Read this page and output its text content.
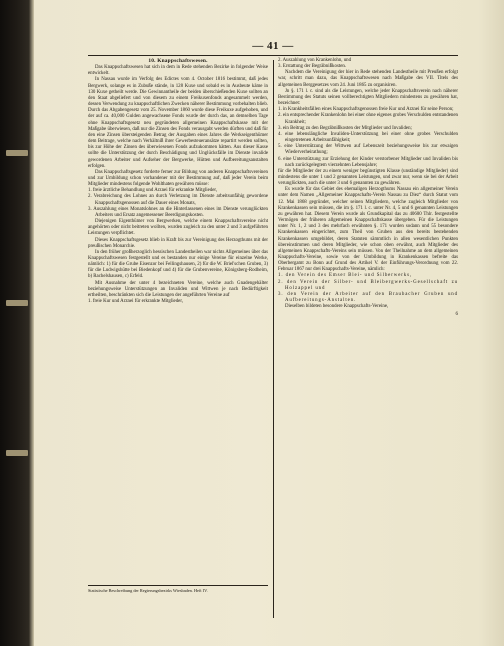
— 41 —
10. Knappschaftswesen.

Das Knappschaftswesen hat sich in dem in Rede stehenden Bezirke in folgender Weise entwickelt.

In Nassau wurde im Verfolg des Edictes vom 4. October 1816 bestimmt, daß jedes Bergwerk, solange es in Zubuße stände, in 128 Kuxe und sobald es in Ausbeute käme in 130 Kuxe getheilt werde. Die Gewinnantheile der beiden überschießenden Kuxe sollten an den Staat abgeliefert und von diesem zu einem Freikuxenfonds angesammelt werden, dessen Verwendung zu knappschaftlichen Zwecken näherer Bestimmung vorbehalten blieb. Durch das Abgabengesetz vom 25. November 1860 wurde diese Freikuxe aufgehoben, und der auf ca. 40,000 Gulden angewachsene Fonds wurde der durch das, an demselben Tage ohne Knappschaftsgesetz neu gegründeten allgemeinen Knappschaftskasse mit der Maßgabe überwiesen, daß nur die Zinsen des Fonds verausgabt werden dürften und daß für den eine Zinsen übersteigenden Betrag der Ausgaben eines Jahres die Werkseigenthümer dem Beitrage, welche nach Verhältniß ihrer Gewerbesteueransätze repartirt werden sollten, bis zur Höhe der Zinsen des überwiesenen Fonds aufzukommen hätten. Aus dieser Kasse sollte die Unterstützung der durch Beschädigung und Unglücksfälle im Dienste invalide gewordenen Arbeiter und Aufseher der Bergwerke, Hütten und Aufbereitungsanstalten erfolgen.

Das Knappschaftsgesetz forderte ferner zur Bildung von anderen Knappschaftsvereinen und zur Umbildung schon vorhandener mit der Bestimmung auf, daß jeder Verein beim Mitglieder mindestens folgende Wohlthaten gewähren müsse:

1. freie ärztliche Behandlung und Arznei für erkrankte Mitglieder,
2. Verabreichung des Lohnes an durch Verletzung im Dienste arbeitsunfähig gewordene Knappschaftsgenossen auf die Dauer eines Monats,
3. Auszahlung eines Monatslohnes an die Hinterlassenen eines im Dienste verunglückten Arbeiters und Ersatz angemessener Beerdigungskosten.

Diejenigen Eigenthümer von Bergwerken, welche einem Knappschaftsvereine nicht angehörten oder nicht beitreten wollten, wurden zugleich zu den unter 2 und 3 aufgeführten Leistungen verpflichtet.

Dieses Knappschaftsgesetz blieb in Kraft bis zur Vereinigung des Herzogthums mit der preußischen Monarchie.

In den früher großherzoglich hessischen Landestheilen war nichts Allgemeines über das Knappschaftswesen festgestellt und es bestanden nur einige Vereine für einzelne Werke, nämlich: 1) für die Grube Eisenzor bei Fellingshausen, 2) für die W. Briel'schen Gruben, 3) für die Ludwigshütte bei Biedenkopf und 4) für die Grubenvereine, Königsberg-Rodheim, b) Rachelshausen, c) Erfeld.

Mit Ausnahme der unter 4 bezeichneten Vereine, welche auch Gnadengehälter beziehungsweise Unterstützungen an Invaliden und Wittwen je nach Bedürftigkeit ertheilten, beschränkten sich die Leistungen der angeführten Vereine auf

1. freie Kur und Arznei für erkrankte Mitglieder,
Statistische Beschreibung der Regierungsbezirks Wiesbaden. Heft IV.
2. Auszahlung von Krankenlohn, und
3. Erstattung der Begräbnißkosten.

Nachdem die Vereinigung der hier in Rede stehenden Landestheile mit Preußen erfolgt war, schritt man dazu, das Knappschaftswesen nach Maßgabe des VII. Titels des allgemeinen Berggesetzes vom 24. Juni 1865 zu organisiren.

Jn §. 171 l. c. sind als die Leistungen, welche jeder Knappschaftsverein nach näherer Bestimmung des Statuts seinen vollberechtigten Mitgliedern mindestens zu gewähren hat, bezeichnet:

1. in Krankheitsfällen eines Knappschaftsgenossen freie Kur und Arznei für seine Person;
2. ein entsprechender Krankenlohn bei einer ohne eigenes grobes Verschulden entstandenen Krankheit;
3. ein Beitrag zu den Begräbnißkosten der Mitglieder und Invaliden;
4. eine lebenslängliche Invaliden-Unterstützung bei einer ohne grobes Verschulden eingetretenen Arbeitsunfähigkeit;
5. eine Unterstützung der Wittwen auf Lebenszeit beziehungsweise bis zur etwaigen Wiederverheirathung;
6. eine Unterstützung zur Erziehung der Kinder verstorbener Mitglieder und Invaliden bis nach zurückgelegtem vierzehnten Lebensjahre;

für die Mitglieder der zu einem weniger begünstigten Klasse (unständige Mitglieder) sind mindestens die unter 1 und 2 genannten Leistungen, und zwar nur, wenn sie bei der Arbeit verunglückten, auch die unter 3 und 6 genannten zu gewähren.

Es wurde für das Gebiet des ehemaligen Herzogthums Nassau ein allgemeiner Verein unter dem Namen „Allgemeiner Knappschafts-Verein Nassau zu Diez“ durch Statut vom 12. Mai 1868 gegründet, welcher seinen Mitgliedern, welche zugleich Mitglieder von Krankenkassen sein müssen, die im §. 171 l. c. unter Nr. 4, 5 und 6 genannten Leistungen zu gewähren hat. Diesem Verein wurde als Grundkapital das zu 40600 Thlr. festgestellte Vermögen der früheren allgemeinen Knappschaftskasse übergeben. Für die Leistungen unter Nr. 1, 2 und 3 des mehrfach erwähnten §. 171 wurden sodann und 55 besondere Krankenkassen eingerichtet, zum Theil von Gruben aus den bereits bestehenden Krankenkassen umgebildet, deren Statuten sämmtlich in allen wesentlichen Punkten übereinstimmen und deren Mitglieder, wie schon oben erwähnt, auch Mitglieder des allgemeinen Knappschafts-Vereins sein müssen. Von der Theilnahme an dem allgemeinen Knappschafts-Vereine, sowie von der Umbildung in Krankenkassen befreite das Oberbergamt zu Bonn auf Grund des Artikel V. der Einführungs-Verordnung vom 22. Februar 1867 nur drei Knappschafts-Vereine, nämlich:

1. den Verein des Emser Blei- und Silberwerks,
2. den Verein der Silber- und Bleibergwerks-Gesellschaft zu Holzappel und
3. den Verein der Arbeiter auf den Braubacher Gruben und Aufbereitungs-Anstalten.

Dieselben bildeten besondere Knappschafts-Vereine,

6
